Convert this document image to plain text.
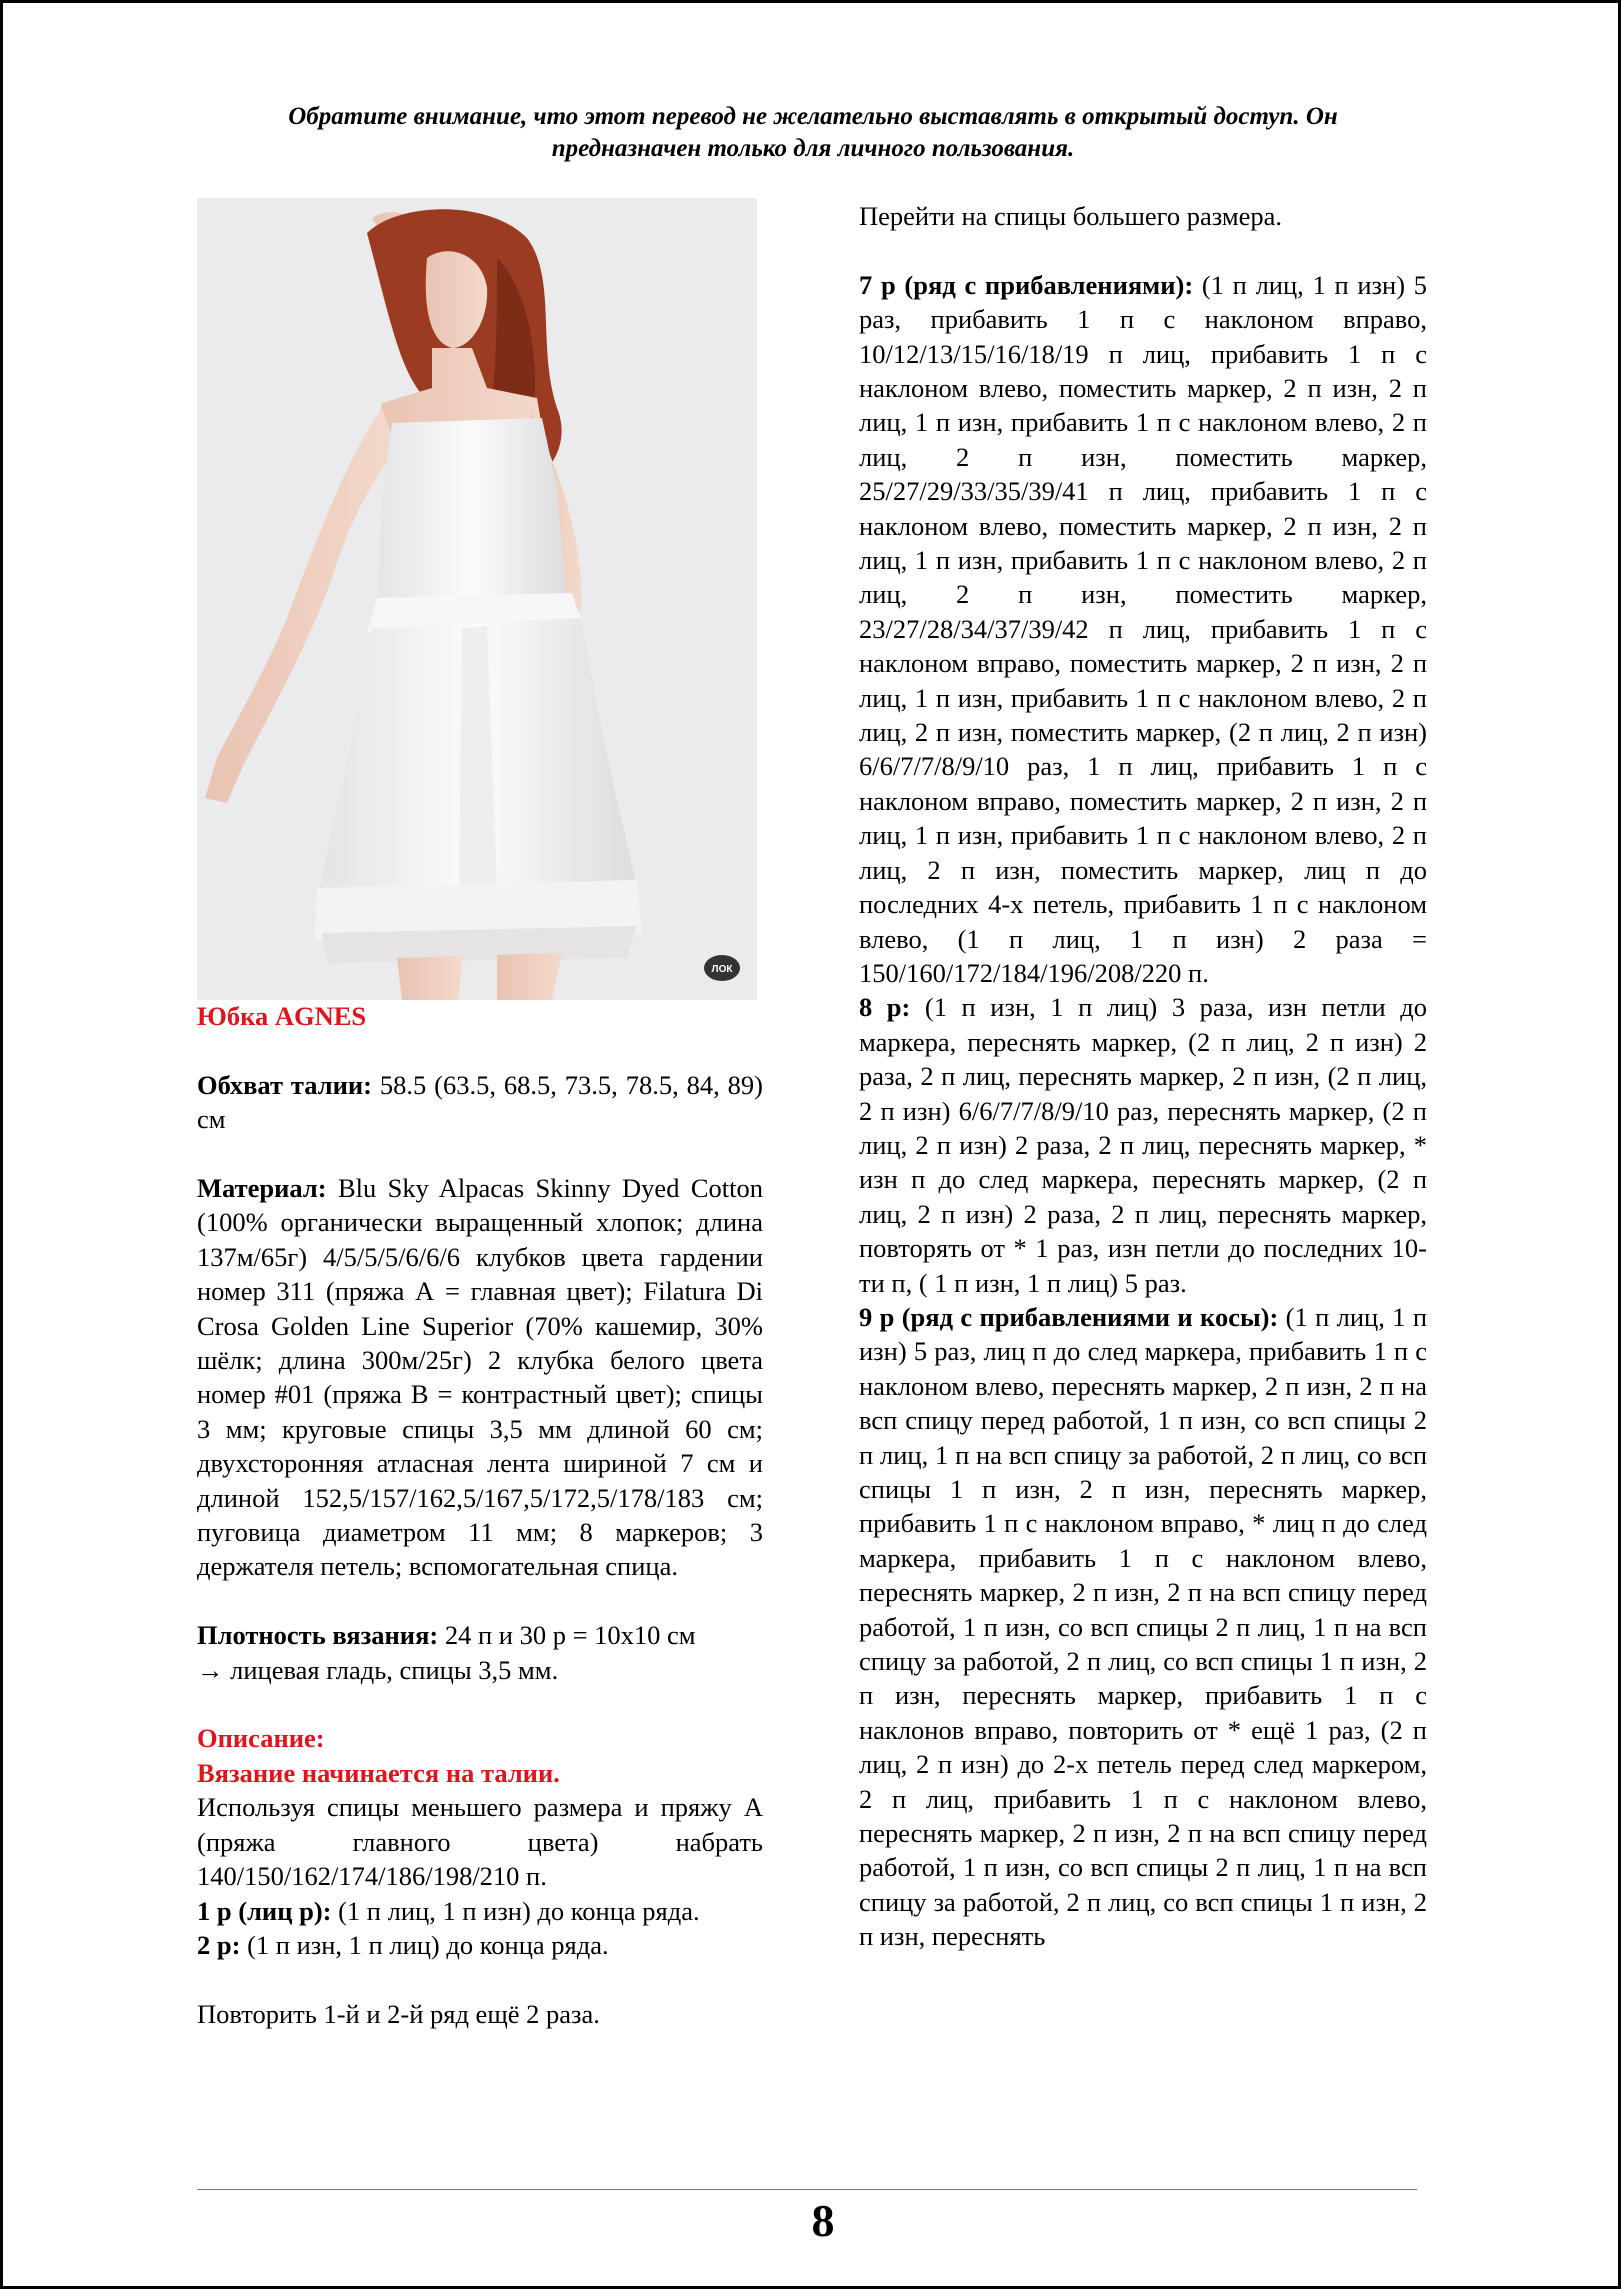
Обратите внимание, что этот перевод не желательно выставлять в открытый доступ. Он
предназначен только для личного пользования.
ЛОК

Юбка AGNES

Обхват талии: 58.5 (63.5, 68.5, 73.5, 78.5, 84, 89) см

Материал: Blu Sky Alpacas Skinny Dyed Cotton (100% органически выращенный хлопок; длина 137м/65г) 4/5/5/5/6/6/6 клубков цвета гардении номер 311 (пряжа А = главная цвет); Filatura Di Crosa Golden Line Superior (70% кашемир, 30% шёлк; длина 300м/25г) 2 клубка белого цвета номер #01 (пряжа В = контрастный цвет); спицы 3 мм; круговые спицы 3,5 мм длиной 60 см; двухсторонняя атласная лента шириной 7 см и длиной 152,5/157/162,5/167,5/172,5/178/183 см; пуговица диаметром 11 мм; 8 маркеров; 3 держателя петель; вспомогательная спица.

Плотность вязания: 24 п и 30 р = 10х10 см

→ лицевая гладь, спицы 3,5 мм.

Описание:

Вязание начинается на талии.

Используя спицы меньшего размера и пряжу А (пряжа главного цвета) набрать 140/150/162/174/186/198/210 п.

1 р (лиц р): (1 п лиц, 1 п изн) до конца ряда.

2 р: (1 п изн, 1 п лиц) до конца ряда.

Повторить 1-й и 2-й ряд ещё 2 раза.

Перейти на спицы большего размера.

7 р (ряд с прибавлениями): (1 п лиц, 1 п изн) 5 раз, прибавить 1 п с наклоном вправо, 10/12/13/15/16/18/19 п лиц, прибавить 1 п с наклоном влево, поместить маркер, 2 п изн, 2 п лиц, 1 п изн, прибавить 1 п с наклоном влево, 2 п лиц, 2 п изн, поместить маркер, 25/27/29/33/35/39/41 п лиц, прибавить 1 п с наклоном влево, поместить маркер, 2 п изн, 2 п лиц, 1 п изн, прибавить 1 п с наклоном влево, 2 п лиц, 2 п изн, поместить маркер, 23/27/28/34/37/39/42 п лиц, прибавить 1 п с наклоном вправо, поместить маркер, 2 п изн, 2 п лиц, 1 п изн, прибавить 1 п с наклоном влево, 2 п лиц, 2 п изн, поместить маркер, (2 п лиц, 2 п изн) 6/6/7/7/8/9/10 раз, 1 п лиц, прибавить 1 п с наклоном вправо, поместить маркер, 2 п изн, 2 п лиц, 1 п изн, прибавить 1 п с наклоном влево, 2 п лиц, 2 п изн, поместить маркер, лиц п до последних 4-х петель, прибавить 1 п с наклоном влево, (1 п лиц, 1 п изн) 2 раза = 150/160/172/184/196/208/220 п.

8 р: (1 п изн, 1 п лиц) 3 раза, изн петли до маркера, переснять маркер, (2 п лиц, 2 п изн) 2 раза, 2 п лиц, переснять маркер, 2 п изн, (2 п лиц, 2 п изн) 6/6/7/7/8/9/10 раз, переснять маркер, (2 п лиц, 2 п изн) 2 раза, 2 п лиц, переснять маркер, * изн п до след маркера, переснять маркер, (2 п лиц, 2 п изн) 2 раза, 2 п лиц, переснять маркер, повторять от * 1 раз, изн петли до последних 10-ти п, ( 1 п изн, 1 п лиц) 5 раз.

9 р (ряд с прибавлениями и косы): (1 п лиц, 1 п изн) 5 раз, лиц п до след маркера, прибавить 1 п с наклоном влево, переснять маркер, 2 п изн, 2 п на всп спицу перед работой, 1 п изн, со всп спицы 2 п лиц, 1 п на всп спицу за работой, 2 п лиц, со всп спицы 1 п изн, 2 п изн, переснять маркер, прибавить 1 п с наклоном вправо, * лиц п до след маркера, прибавить 1 п с наклоном влево, переснять маркер, 2 п изн, 2 п на всп спицу перед работой, 1 п изн, со всп спицы 2 п лиц, 1 п на всп спицу за работой, 2 п лиц, со всп спицы 1 п изн, 2 п изн, переснять маркер, прибавить 1 п с наклонов вправо, повторить от * ещё 1 раз, (2 п лиц, 2 п изн) до 2-х петель перед след маркером, 2 п лиц, прибавить 1 п с наклоном влево, переснять маркер, 2 п изн, 2 п на всп спицу перед работой, 1 п изн, со всп спицы 2 п лиц, 1 п на всп спицу за работой, 2 п лиц, со всп спицы 1 п изн, 2 п изн, переснять

8
